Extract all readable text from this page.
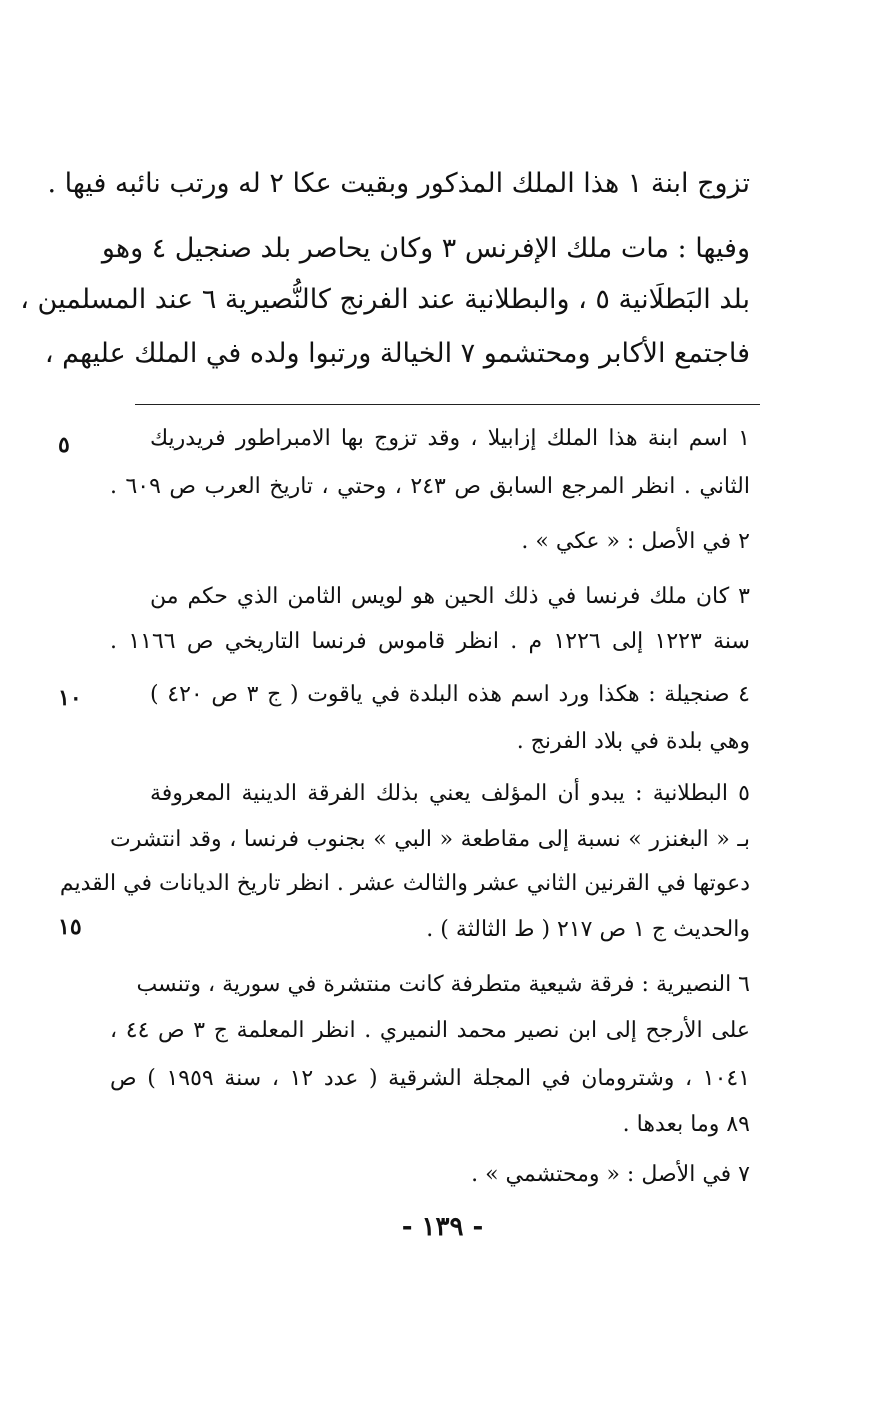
تزوج ابنة ١ هذا الملك المذكور وبقيت عكا ٢ له ورتب نائبه فيها .
وفيها : مات ملك الإفرنس ٣ وكان يحاصر بلد صنجيل ٤ وهو
بلد البَطلَانية ٥ ، والبطلانية عند الفرنج كالنُّصيرية ٦ عند المسلمين ،
فاجتمع الأكابر ومحتشمو ٧ الخيالة ورتبوا ولده في الملك عليهم ،
١ اسم ابنة هذا الملك إزابيلا ، وقد تزوج بها الامبراطور فريدريك
الثاني . انظر المرجع السابق ص ٢٤٣ ، وحتي ، تاريخ العرب ص ٦٠٩ .
٢ في الأصل : « عكي » .
٣ كان ملك فرنسا في ذلك الحين هو لويس الثامن الذي حكم من
سنة ١٢٢٣ إلى ١٢٢٦ م . انظر قاموس فرنسا التاريخي ص ١١٦٦ .
٤ صنجيلة : هكذا ورد اسم هذه البلدة في ياقوت ( ج ٣ ص ٤٢٠ )
وهي بلدة في بلاد الفرنج .
٥ البطلانية : يبدو أن المؤلف يعني بذلك الفرقة الدينية المعروفة
بـ « البغنزر » نسبة إلى مقاطعة « البي » بجنوب فرنسا ، وقد انتشرت
دعوتها في القرنين الثاني عشر والثالث عشر . انظر تاريخ الديانات في القديم
والحديث ج ١ ص ٢١٧ ( ط الثالثة ) .
٦ النصيرية : فرقة شيعية متطرفة كانت منتشرة في سورية ، وتنسب
على الأرجح إلى ابن نصير محمد النميري . انظر المعلمة ج ٣ ص ٤٤ ،
١٠٤١ ، وشترومان في المجلة الشرقية ( عدد ١٢ ، سنة ١٩٥٩ ) ص
٨٩ وما بعدها .
٧ في الأصل : « ومحتشمي » .
٥
١٠
١٥
- ١٣٩ -
